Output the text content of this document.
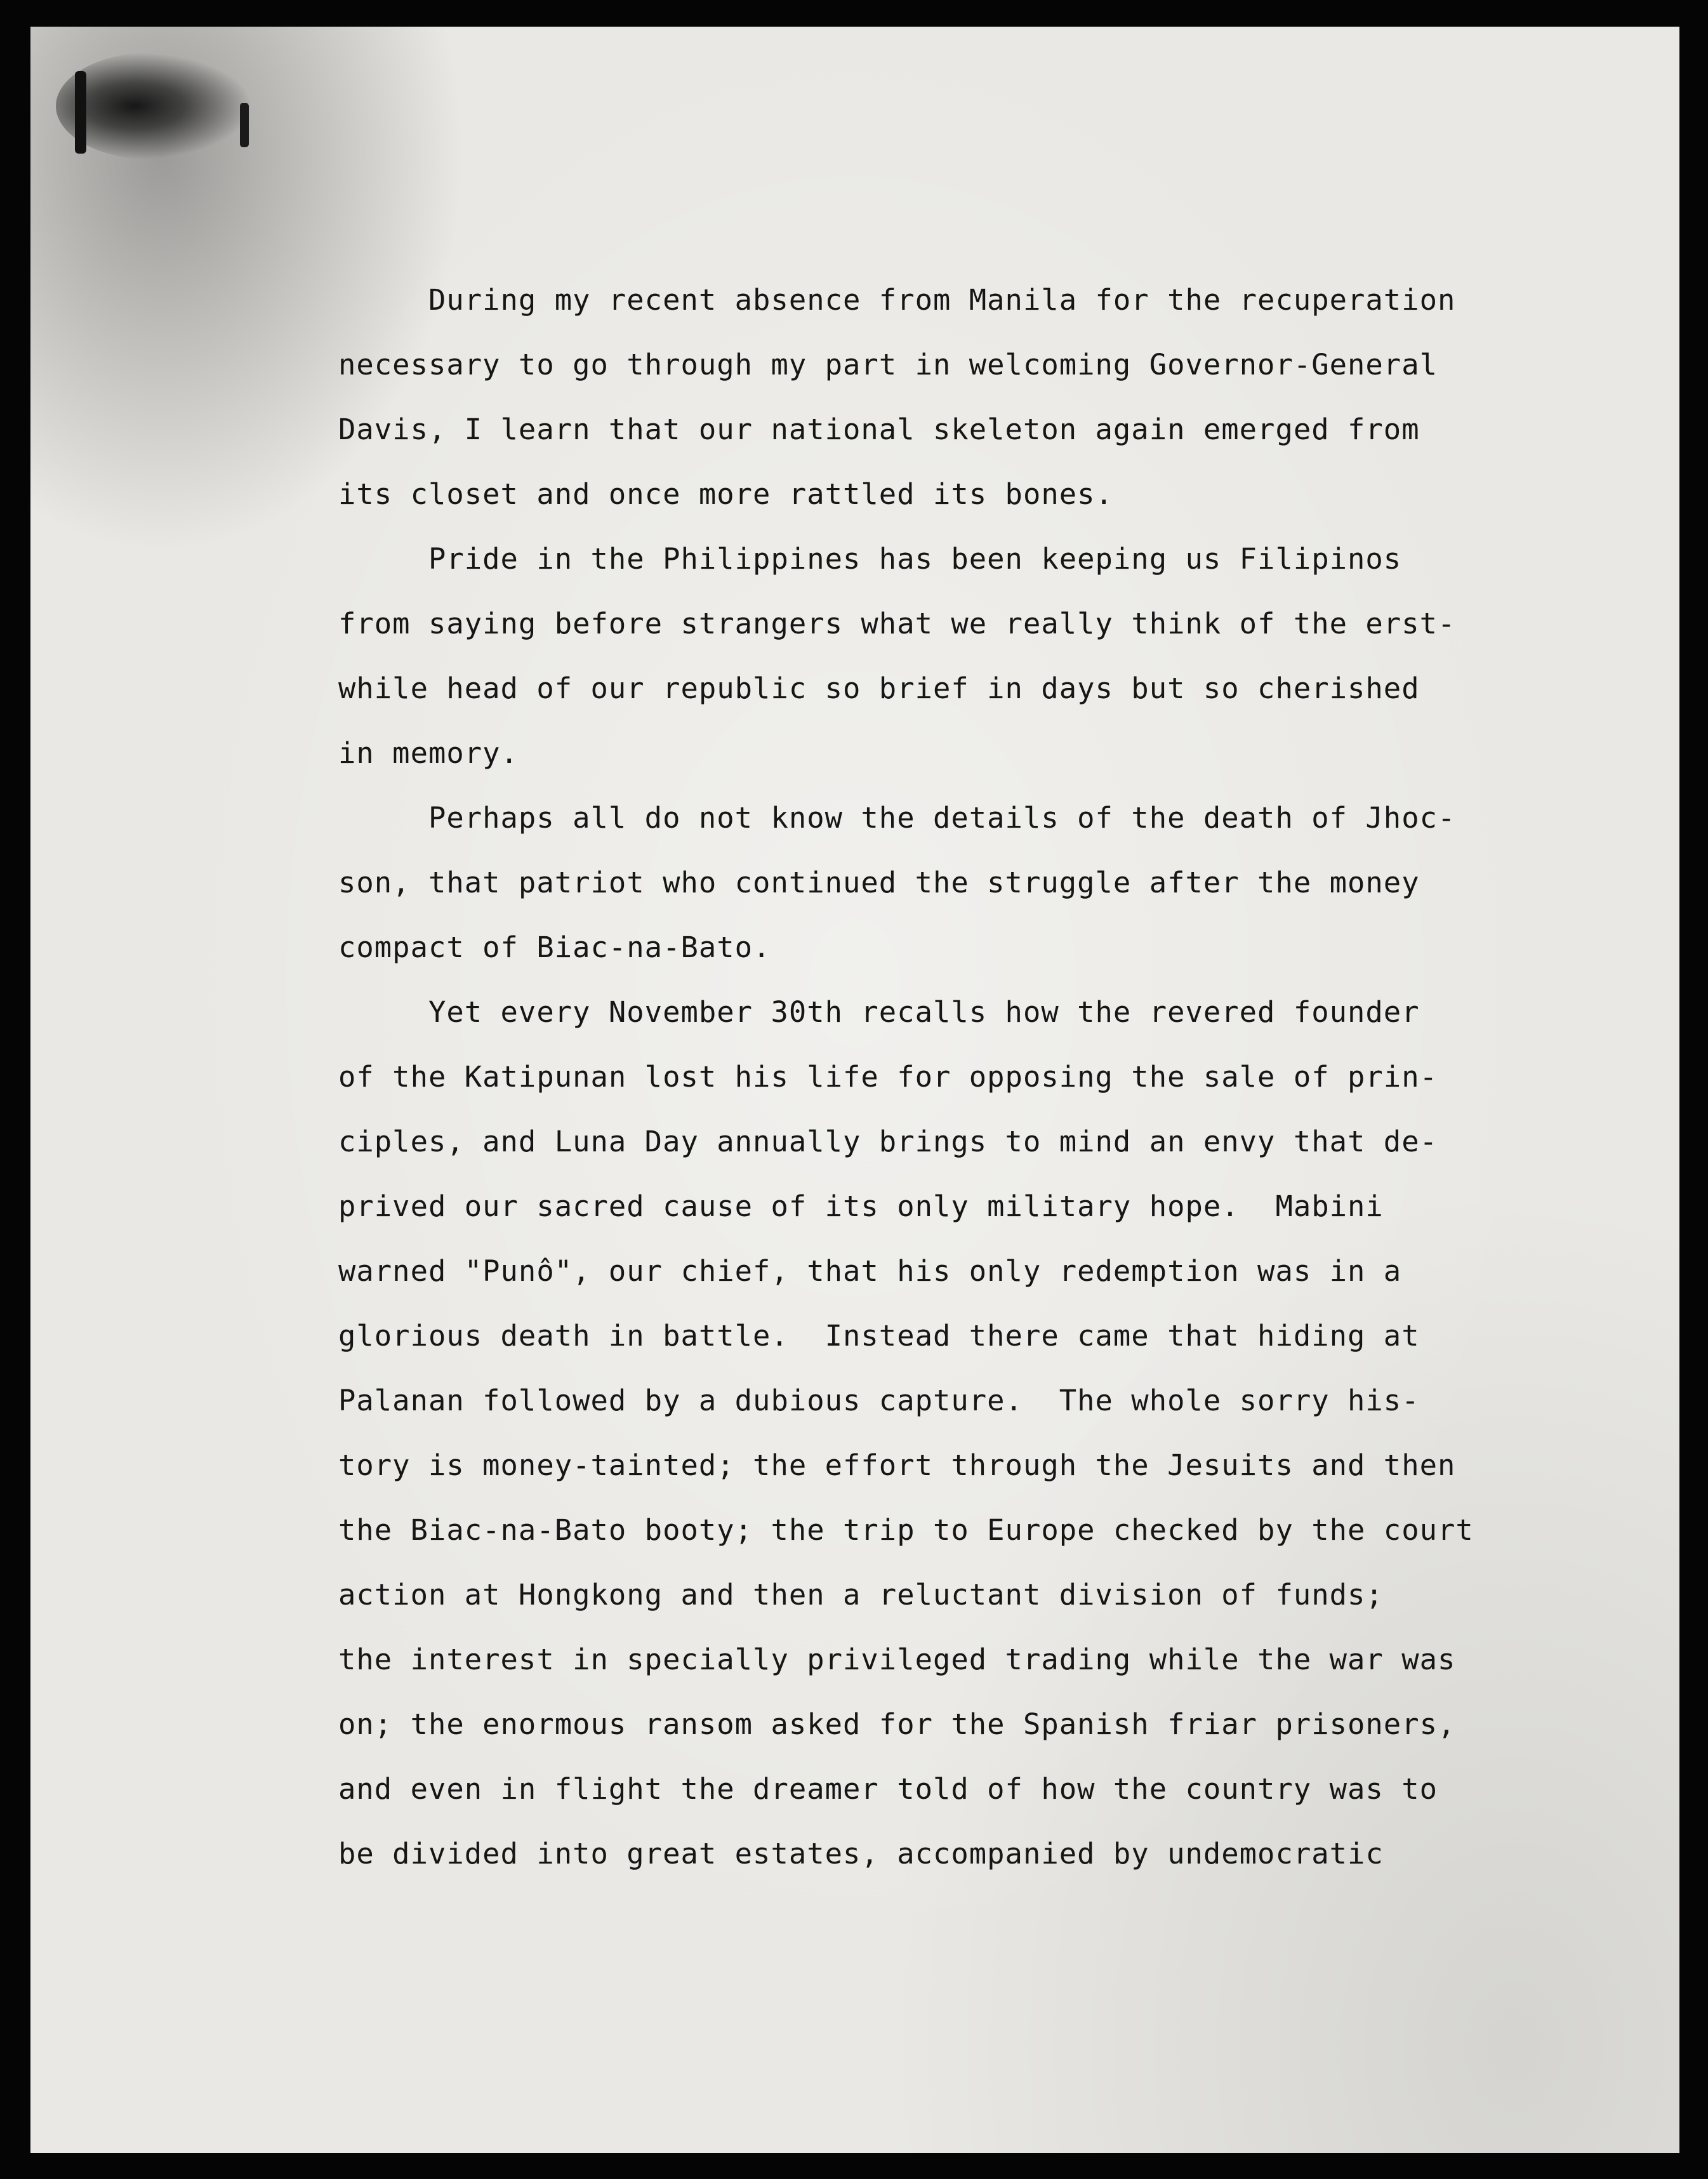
During my recent absence from Manila for the recuperation
necessary to go through my part in welcoming Governor-General
Davis, I learn that our national skeleton again emerged from
its closet and once more rattled its bones.
Pride in the Philippines has been keeping us Filipinos
from saying before strangers what we really think of the erst-
while head of our republic so brief in days but so cherished
in memory.
Perhaps all do not know the details of the death of Jhoc-
son, that patriot who continued the struggle after the money
compact of Biac-na-Bato.
Yet every November 30th recalls how the revered founder
of the Katipunan lost his life for opposing the sale of prin-
ciples, and Luna Day annually brings to mind an envy that de-
prived our sacred cause of its only military hope.  Mabini
warned "Punô", our chief, that his only redemption was in a
glorious death in battle.  Instead there came that hiding at
Palanan followed by a dubious capture.  The whole sorry his-
tory is money-tainted; the effort through the Jesuits and then
the Biac-na-Bato booty; the trip to Europe checked by the court
action at Hongkong and then a reluctant division of funds;
the interest in specially privileged trading while the war was
on; the enormous ransom asked for the Spanish friar prisoners,
and even in flight the dreamer told of how the country was to
be divided into great estates, accompanied by undemocratic
